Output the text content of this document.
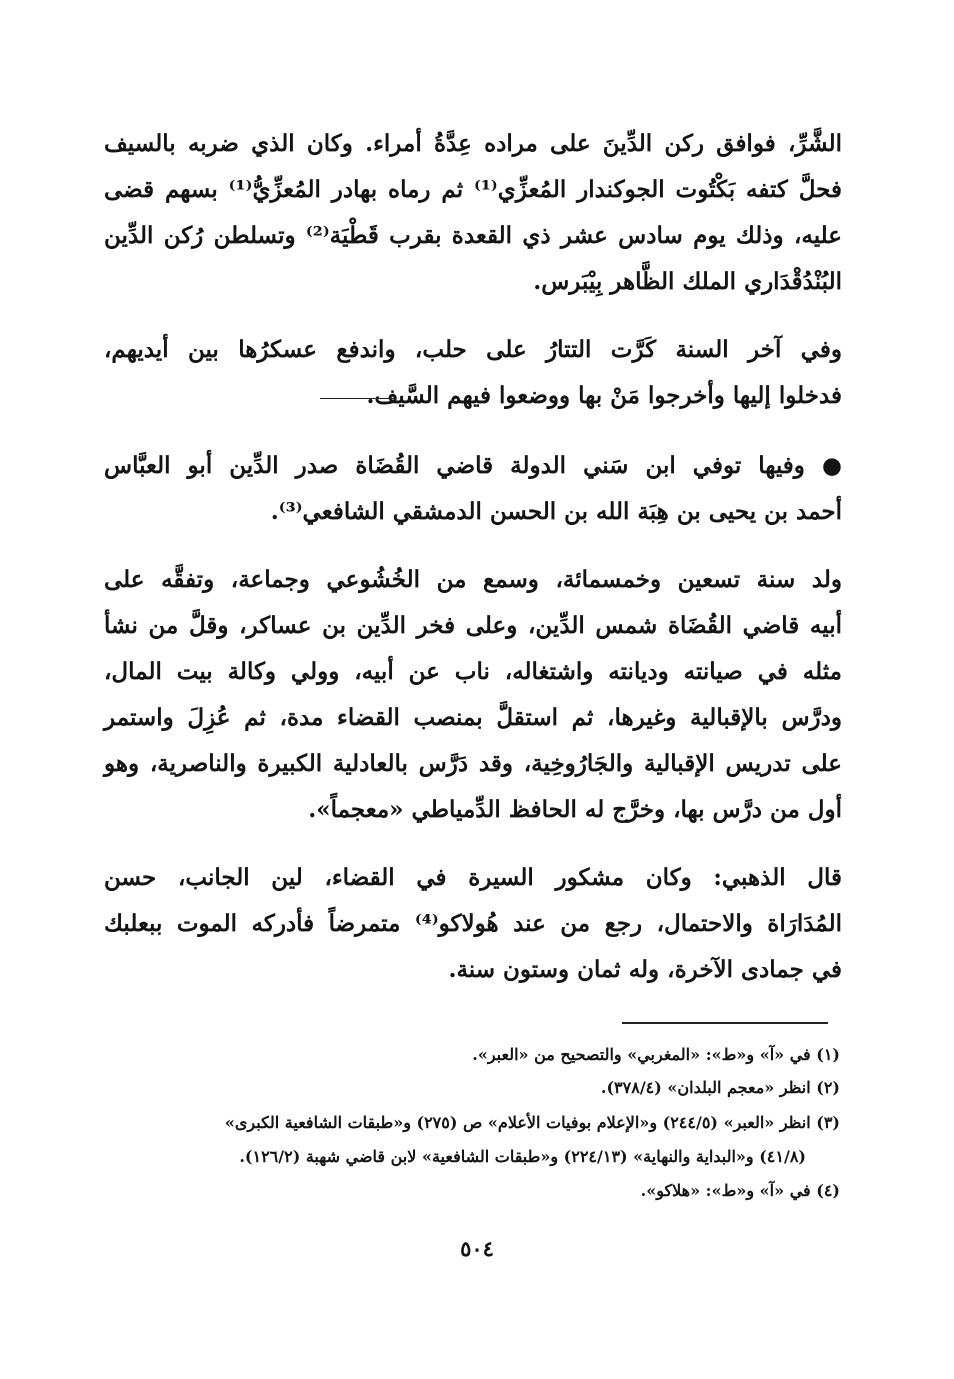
الشَّرِّ، فوافق ركن الدِّينَ على مراده عِدَّةُ أمراء. وكان الذي ضربه بالسيف
فحلَّ كتفه بَكْتُوت الجوكندار المُعزِّي⁽¹⁾ ثم رماه بهادر المُعزِّيُّ⁽¹⁾ بسهم قضى
عليه، وذلك يوم سادس عشر ذي القعدة بقرب قَطْيَة⁽²⁾ وتسلطن رُكن الدِّين
البُنْدُقْدَاري الملك الظَّاهر بِيْبَرس.
وفي آخر السنة كَرَّت التتارُ على حلب، واندفع عسكرُها بين أيديهم،
فدخلوا إليها وأخرجوا مَنْ بها ووضعوا فيهم السَّيف.
● وفيها توفي ابن سَني الدولة قاضي القُضَاة صدر الدِّين أبو العبَّاس
أحمد بن يحيى بن هِبَة الله بن الحسن الدمشقي الشافعي⁽³⁾.
ولد سنة تسعين وخمسمائة، وسمع من الخُشُوعي وجماعة، وتفقَّه على
أبيه قاضي القُضَاة شمس الدِّين، وعلى فخر الدِّين بن عساكر، وقلَّ من نشأ
مثله في صيانته وديانته واشتغاله، ناب عن أبيه، وولي وكالة بيت المال،
ودرَّس بالإقبالية وغيرها، ثم استقلَّ بمنصب القضاء مدة، ثم عُزِلَ واستمر
على تدريس الإقبالية والجَارُوخِية، وقد دَرَّس بالعادلية الكبيرة والناصرية، وهو
أول من درَّس بها، وخرَّج له الحافظ الدِّمياطي «معجماً».
قال الذهبي: وكان مشكور السيرة في القضاء، لين الجانب، حسن
المُدَارَاة والاحتمال، رجع من عند هُولاكو⁽⁴⁾ متمرضاً فأدركه الموت ببعلبك
في جمادى الآخرة، وله ثمان وستون سنة.
(١) في «آ» و«ط»: «المغربي» والتصحيح من «العبر».
(٢) انظر «معجم البلدان» (٣٧٨/٤).
(٣) انظر «العبر» (٢٤٤/٥) و«الإعلام بوفيات الأعلام» ص (٢٧٥) و«طبقات الشافعية الكبرى»
(٤١/٨) و«البداية والنهاية» (٢٢٤/١٣) و«طبقات الشافعية» لابن قاضي شهبة (١٢٦/٢).
(٤) في «آ» و«ط»: «هلاكو».
٥٠٤
